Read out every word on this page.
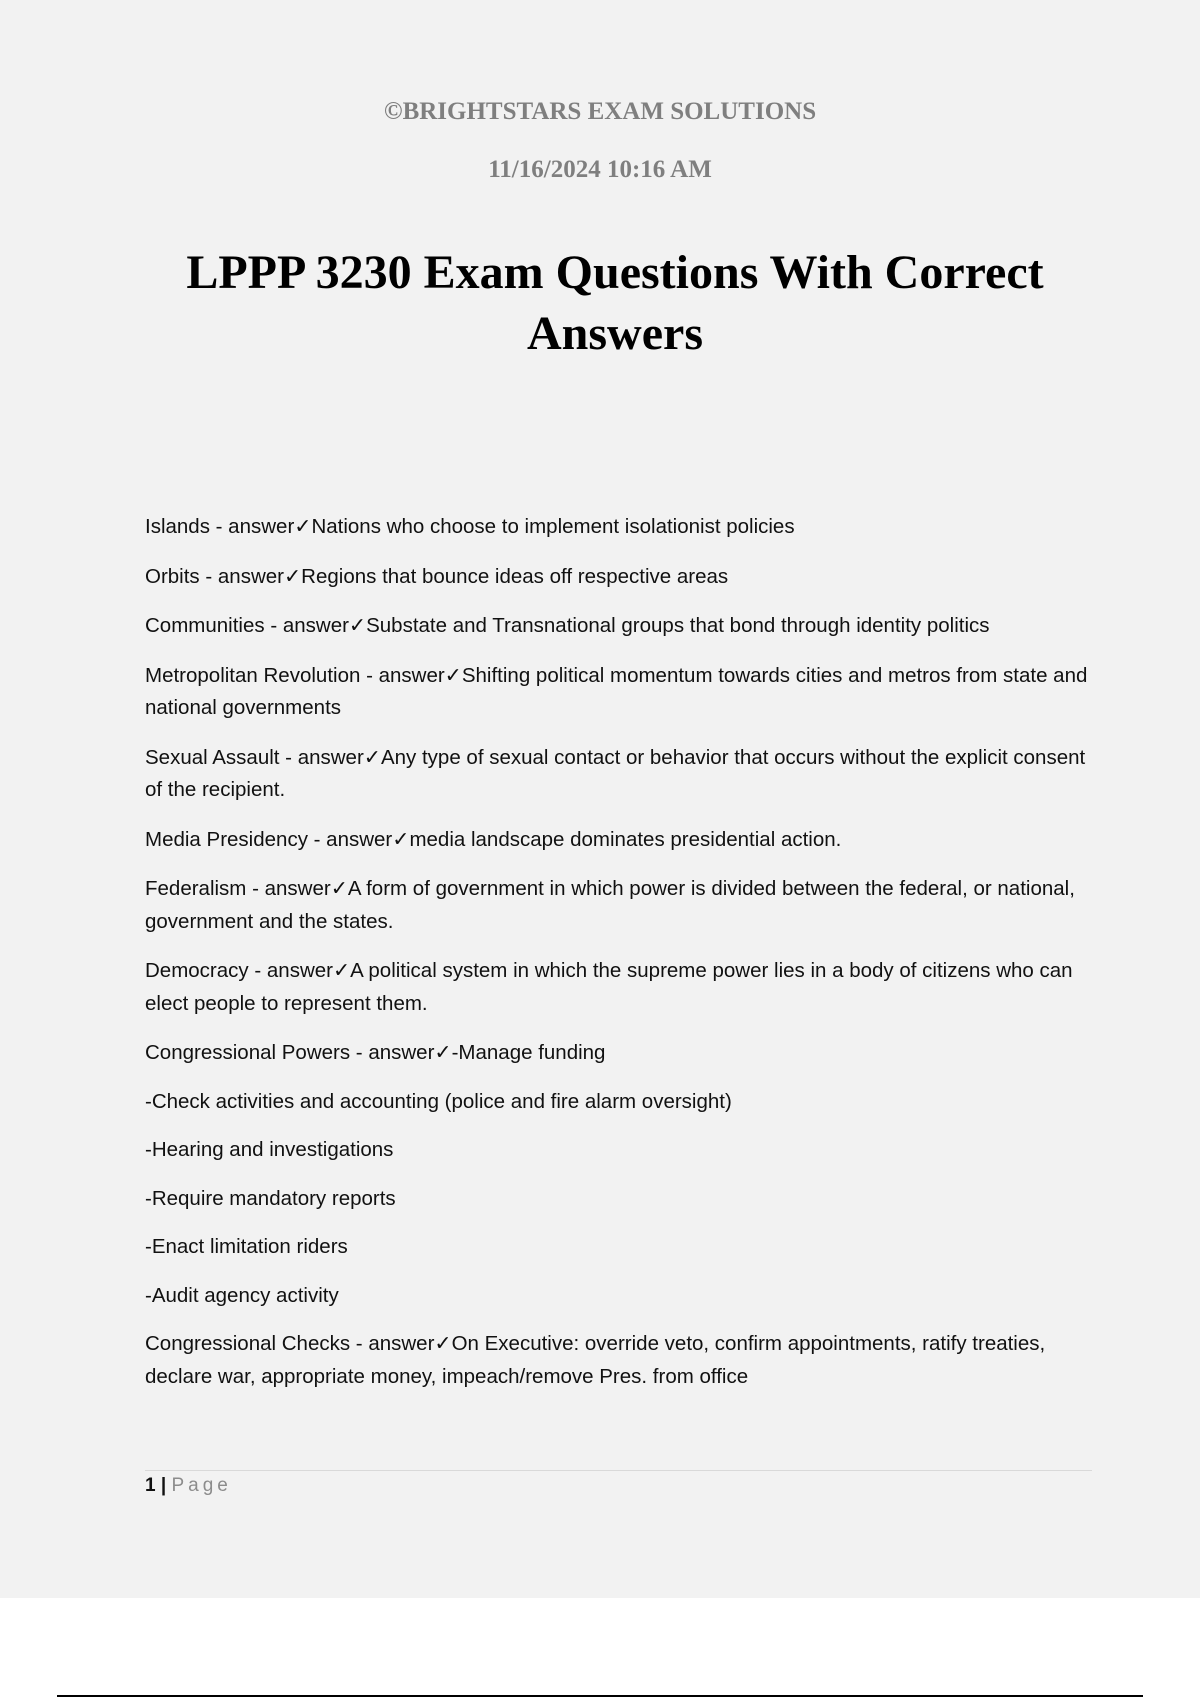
©BRIGHTSTARS EXAM SOLUTIONS
11/16/2024 10:16 AM
LPPP 3230 Exam Questions With Correct Answers

Islands - answer✓Nations who choose to implement isolationist policies

Orbits - answer✓Regions that bounce ideas off respective areas

Communities - answer✓Substate and Transnational groups that bond through identity politics

Metropolitan Revolution - answer✓Shifting political momentum towards cities and metros from state and national governments

Sexual Assault - answer✓Any type of sexual contact or behavior that occurs without the explicit consent of the recipient.

Media Presidency - answer✓media landscape dominates presidential action.

Federalism - answer✓A form of government in which power is divided between the federal, or national, government and the states.

Democracy - answer✓A political system in which the supreme power lies in a body of citizens who can elect people to represent them.

Congressional Powers - answer✓-Manage funding

-Check activities and accounting (police and fire alarm oversight)

-Hearing and investigations

-Require mandatory reports

-Enact limitation riders

-Audit agency activity

Congressional Checks - answer✓On Executive: override veto, confirm appointments, ratify treaties, declare war, appropriate money, impeach/remove Pres. from office

1 | Page
